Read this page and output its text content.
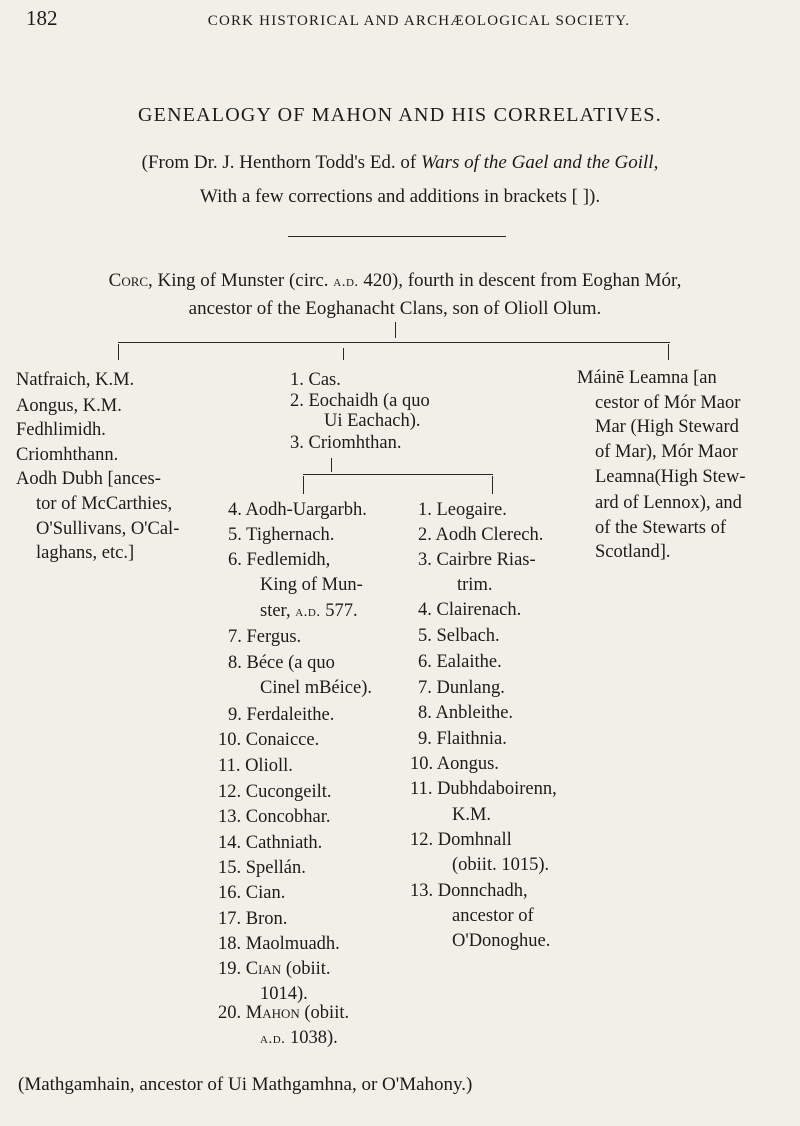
182	CORK HISTORICAL AND ARCHÆOLOGICAL SOCIETY.
GENEALOGY OF MAHON AND HIS CORRELATIVES.
(From Dr. J. Henthorn Todd's Ed. of Wars of the Gael and the Goill,
With a few corrections and additions in brackets [ ]).
Corc, King of Munster (circ. a.d. 420), fourth in descent from Eoghan Mór,
ancestor of the Eoghanacht Clans, son of Olioll Olum.
Natfraich, K.M.
Aongus, K.M.
Fedhlimidh.
Criomhthann.
Aodh Dubh [ances-
tor of McCarthies,
O'Sullivans, O'Cal-
laghans, etc.]
1. Cas.
2. Eochaidh (a quo
Ui Eachach).
3. Criomhthan.
Máinē Leamna [an
cestor of Mór Maor
Mar (High Steward
of Mar), Mór Maor
Leamna(High Stew-
ard of Lennox), and
of the Stewarts of
Scotland].
4. Aodh-Uargarbh.
5. Tighernach.
6. Fedlemidh,
King of Mun-
ster, a.d. 577.
7. Fergus.
8. Béce (a quo
Cinel mBéice).
9. Ferdaleithe.
10. Conaicce.
11. Olioll.
12. Cucongeilt.
13. Concobhar.
14. Cathniath.
15. Spellán.
16. Cian.
17. Bron.
18. Maolmuadh.
19. Cian (obiit.
1014).
20. Mahon (obiit.
a.d. 1038).
1. Leogaire.
2. Aodh Clerech.
3. Cairbre Rias-
trim.
4. Clairenach.
5. Selbach.
6. Ealaithe.
7. Dunlang.
8. Anbleithe.
9. Flaithnia.
10. Aongus.
11. Dubhdaboirenn,
K.M.
12. Domhnall
(obiit. 1015).
13. Donnchadh,
ancestor of
O'Donoghue.
(Mathgamhain, ancestor of Ui Mathgamhna, or O'Mahony.)
